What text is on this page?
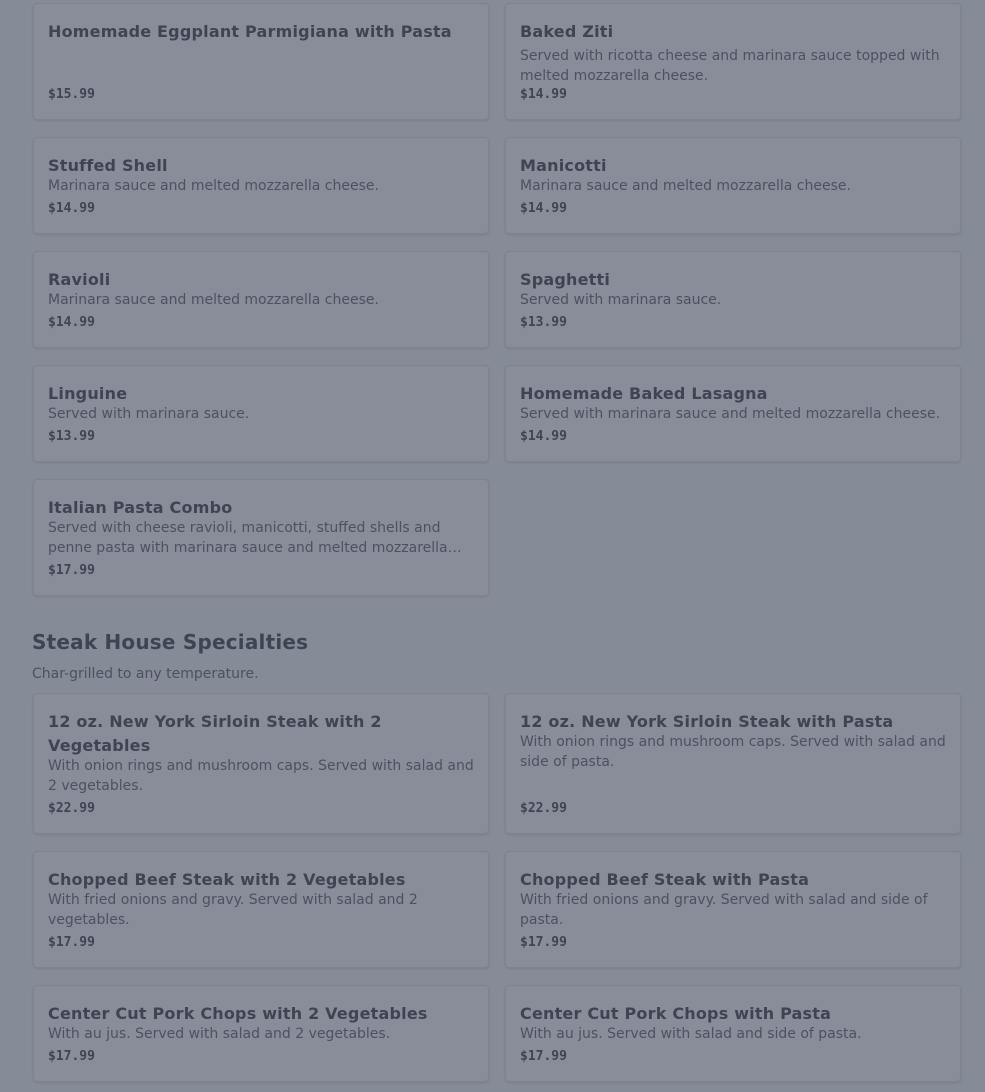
Homemade Eggplant Parmigiana with Pasta
$15.99
Baked Ziti
Served with ricotta cheese and marinara sauce topped with melted mozzarella cheese.
$14.99
Stuffed Shell
Marinara sauce and melted mozzarella cheese.
$14.99
Manicotti
Marinara sauce and melted mozzarella cheese.
$14.99
Ravioli
Marinara sauce and melted mozzarella cheese.
$14.99
Spaghetti
Served with marinara sauce.
$13.99
Linguine
Served with marinara sauce.
$13.99
Homemade Baked Lasagna
Served with marinara sauce and melted mozzarella cheese.
$14.99
Italian Pasta Combo
Served with cheese ravioli, manicotti, stuffed shells and penne pasta with marinara sauce and melted mozzarella
$17.99
Steak House Specialties
Char-grilled to any temperature.
12 oz. New York Sirloin Steak with 2 Vegetables
With onion rings and mushroom caps. Served with salad and 2 vegetables.
$22.99
12 oz. New York Sirloin Steak with Pasta
With onion rings and mushroom caps. Served with salad and side of pasta.
$22.99
Chopped Beef Steak with 2 Vegetables
With fried onions and gravy. Served with salad and 2 vegetables.
$17.99
Chopped Beef Steak with Pasta
With fried onions and gravy. Served with salad and side of pasta.
$17.99
Center Cut Pork Chops with 2 Vegetables
With au jus. Served with salad and 2 vegetables.
$17.99
Center Cut Pork Chops with Pasta
With au jus. Served with salad and side of pasta.
$17.99
